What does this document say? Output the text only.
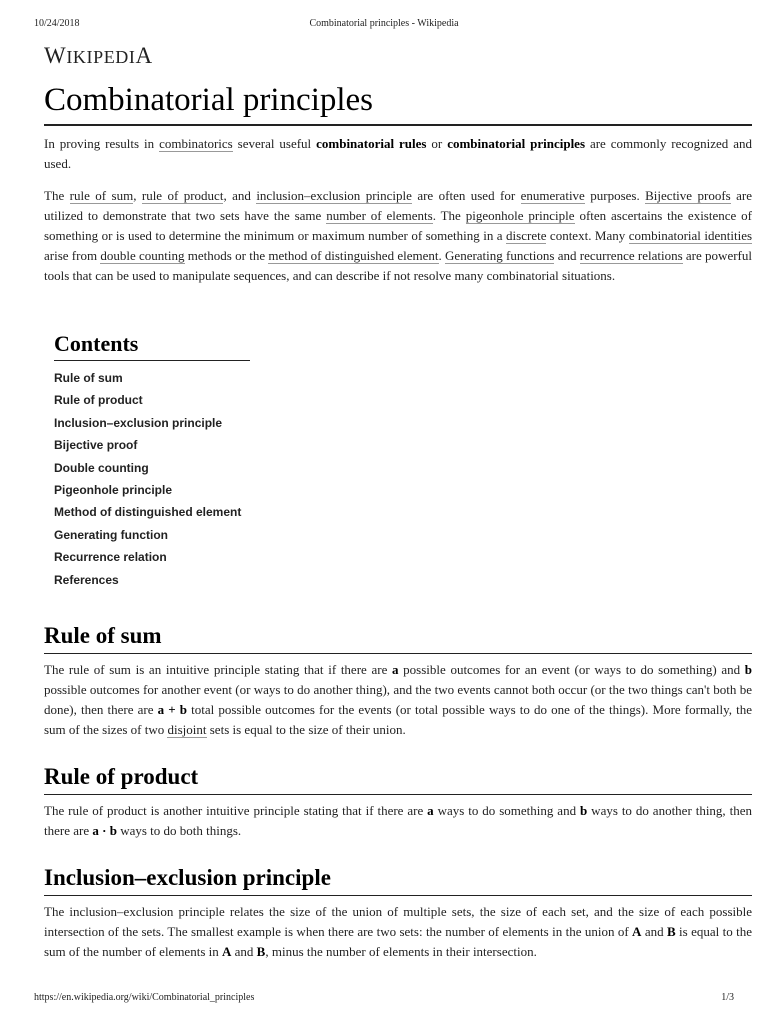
10/24/2018	Combinatorial principles - Wikipedia
WIKIPEDIA
Combinatorial principles

In proving results in combinatorics several useful combinatorial rules or combinatorial principles are commonly recognized and used.

The rule of sum, rule of product, and inclusion–exclusion principle are often used for enumerative purposes. Bijective proofs are utilized to demonstrate that two sets have the same number of elements. The pigeonhole principle often ascertains the existence of something or is used to determine the minimum or maximum number of something in a discrete context. Many combinatorial identities arise from double counting methods or the method of distinguished element. Generating functions and recurrence relations are powerful tools that can be used to manipulate sequences, and can describe if not resolve many combinatorial situations.

Contents
Rule of sum
Rule of product
Inclusion–exclusion principle
Bijective proof
Double counting
Pigeonhole principle
Method of distinguished element
Generating function
Recurrence relation
References
Rule of sum

The rule of sum is an intuitive principle stating that if there are a possible outcomes for an event (or ways to do something) and b possible outcomes for another event (or ways to do another thing), and the two events cannot both occur (or the two things can't both be done), then there are a + b total possible outcomes for the events (or total possible ways to do one of the things). More formally, the sum of the sizes of two disjoint sets is equal to the size of their union.

Rule of product

The rule of product is another intuitive principle stating that if there are a ways to do something and b ways to do another thing, then there are a · b ways to do both things.

Inclusion–exclusion principle

The inclusion–exclusion principle relates the size of the union of multiple sets, the size of each set, and the size of each possible intersection of the sets. The smallest example is when there are two sets: the number of elements in the union of A and B is equal to the sum of the number of elements in A and B, minus the number of elements in their intersection.

https://en.wikipedia.org/wiki/Combinatorial_principles	1/3
